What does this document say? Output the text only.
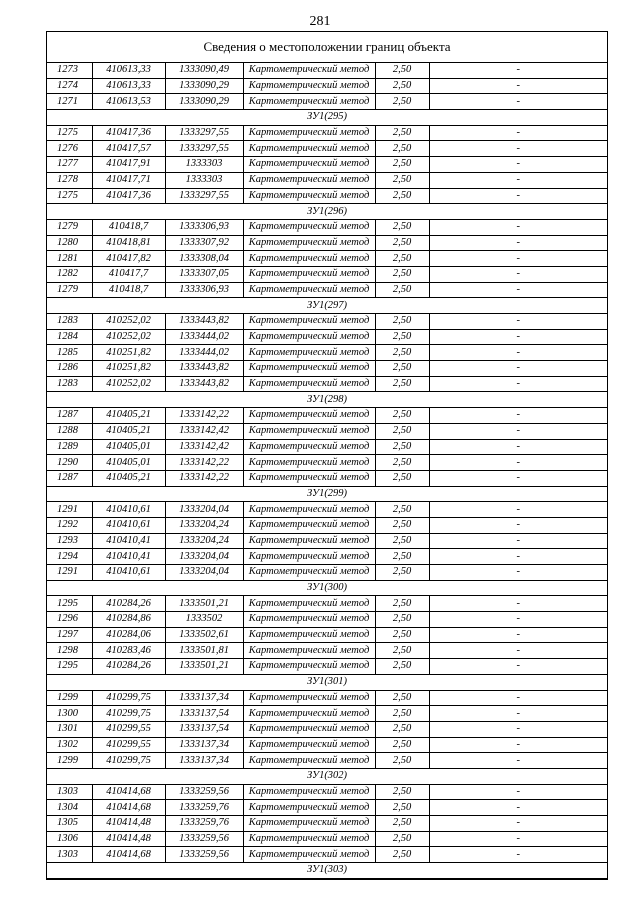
281
Сведения о местоположении границ объекта
1273	410613,33	1333090,49	Картометрический метод	2,50	-
1274	410613,33	1333090,29	Картометрический метод	2,50	-
1271	410613,53	1333090,29	Картометрический метод	2,50	-
ЗУ1(295)					
1275	410417,36	1333297,55	Картометрический метод	2,50	-
1276	410417,57	1333297,55	Картометрический метод	2,50	-
1277	410417,91	1333303	Картометрический метод	2,50	-
1278	410417,71	1333303	Картометрический метод	2,50	-
1275	410417,36	1333297,55	Картометрический метод	2,50	-
ЗУ1(296)					
1279	410418,7	1333306,93	Картометрический метод	2,50	-
1280	410418,81	1333307,92	Картометрический метод	2,50	-
1281	410417,82	1333308,04	Картометрический метод	2,50	-
1282	410417,7	1333307,05	Картометрический метод	2,50	-
1279	410418,7	1333306,93	Картометрический метод	2,50	-
ЗУ1(297)					
1283	410252,02	1333443,82	Картометрический метод	2,50	-
1284	410252,02	1333444,02	Картометрический метод	2,50	-
1285	410251,82	1333444,02	Картометрический метод	2,50	-
1286	410251,82	1333443,82	Картометрический метод	2,50	-
1283	410252,02	1333443,82	Картометрический метод	2,50	-
ЗУ1(298)					
1287	410405,21	1333142,22	Картометрический метод	2,50	-
1288	410405,21	1333142,42	Картометрический метод	2,50	-
1289	410405,01	1333142,42	Картометрический метод	2,50	-
1290	410405,01	1333142,22	Картометрический метод	2,50	-
1287	410405,21	1333142,22	Картометрический метод	2,50	-
ЗУ1(299)					
1291	410410,61	1333204,04	Картометрический метод	2,50	-
1292	410410,61	1333204,24	Картометрический метод	2,50	-
1293	410410,41	1333204,24	Картометрический метод	2,50	-
1294	410410,41	1333204,04	Картометрический метод	2,50	-
1291	410410,61	1333204,04	Картометрический метод	2,50	-
ЗУ1(300)					
1295	410284,26	1333501,21	Картометрический метод	2,50	-
1296	410284,86	1333502	Картометрический метод	2,50	-
1297	410284,06	1333502,61	Картометрический метод	2,50	-
1298	410283,46	1333501,81	Картометрический метод	2,50	-
1295	410284,26	1333501,21	Картометрический метод	2,50	-
ЗУ1(301)					
1299	410299,75	1333137,34	Картометрический метод	2,50	-
1300	410299,75	1333137,54	Картометрический метод	2,50	-
1301	410299,55	1333137,54	Картометрический метод	2,50	-
1302	410299,55	1333137,34	Картометрический метод	2,50	-
1299	410299,75	1333137,34	Картометрический метод	2,50	-
ЗУ1(302)					
1303	410414,68	1333259,56	Картометрический метод	2,50	-
1304	410414,68	1333259,76	Картометрический метод	2,50	-
1305	410414,48	1333259,76	Картометрический метод	2,50	-
1306	410414,48	1333259,56	Картометрический метод	2,50	-
1303	410414,68	1333259,56	Картометрический метод	2,50	-
ЗУ1(303)					
